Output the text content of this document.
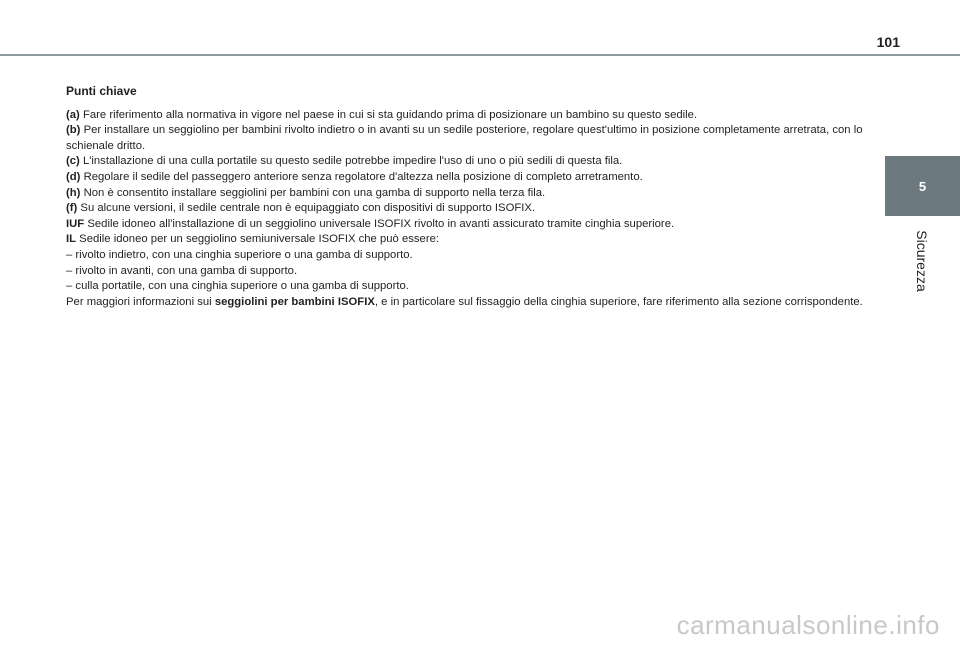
101
5
Sicurezza
Punti chiave

(a) Fare riferimento alla normativa in vigore nel paese in cui si sta guidando prima di posizionare un bambino su questo sedile.

(b) Per installare un seggiolino per bambini rivolto indietro o in avanti su un sedile posteriore, regolare quest'ultimo in posizione completamente arretrata, con lo schienale dritto.

(c) L'installazione di una culla portatile su questo sedile potrebbe impedire l'uso di uno o più sedili di questa fila.

(d) Regolare il sedile del passeggero anteriore senza regolatore d'altezza nella posizione di completo arretramento.

(h) Non è consentito installare seggiolini per bambini con una gamba di supporto nella terza fila.

(f) Su alcune versioni, il sedile centrale non è equipaggiato con dispositivi di supporto ISOFIX.

IUF Sedile idoneo all'installazione di un seggiolino universale ISOFIX rivolto in avanti assicurato tramite cinghia superiore.

IL Sedile idoneo per un seggiolino semiuniversale ISOFIX che può essere:

– rivolto indietro, con una cinghia superiore o una gamba di supporto.

– rivolto in avanti, con una gamba di supporto.

– culla portatile, con una cinghia superiore o una gamba di supporto.

Per maggiori informazioni sui seggiolini per bambini ISOFIX, e in particolare sul fissaggio della cinghia superiore, fare riferimento alla sezione corrispondente.

carmanualsonline.info
